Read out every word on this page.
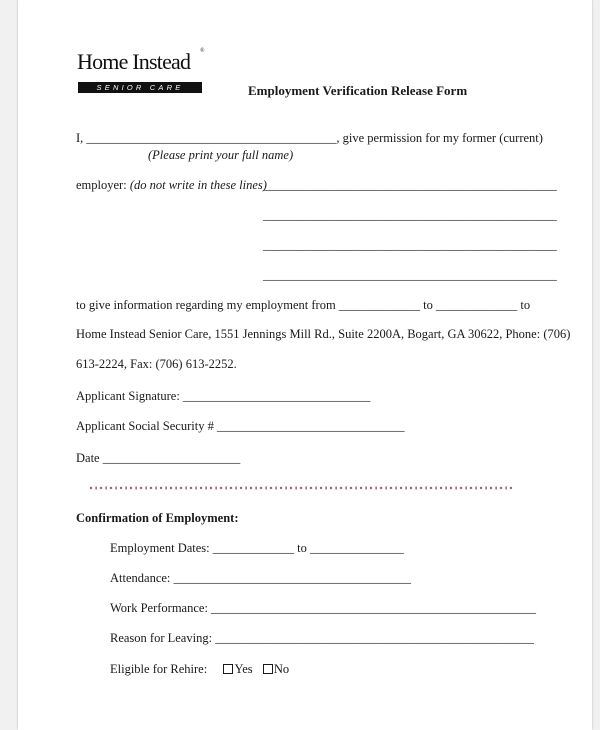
Home Instead ®
SENIOR CARE	Employment Verification Release Form
I, ________________________________________, give permission for my former (current)
(Please print your full name)
employer: (do not write in these lines)
_______________________________________________
_______________________________________________
_______________________________________________
_______________________________________________
to give information regarding my employment from _____________ to _____________ to
Home Instead Senior Care, 1551 Jennings Mill Rd., Suite 2200A, Bogart, GA 30622, Phone: (706)
613-2224, Fax: (706) 613-2252.
Applicant Signature: ______________________________
Applicant Social Security # ______________________________
Date ______________________
Confirmation of Employment:
Employment Dates: _____________ to _______________
Attendance: ______________________________________
Work Performance: ____________________________________________________
Reason for Leaving: ___________________________________________________
Eligible for Rehire: Yes No
